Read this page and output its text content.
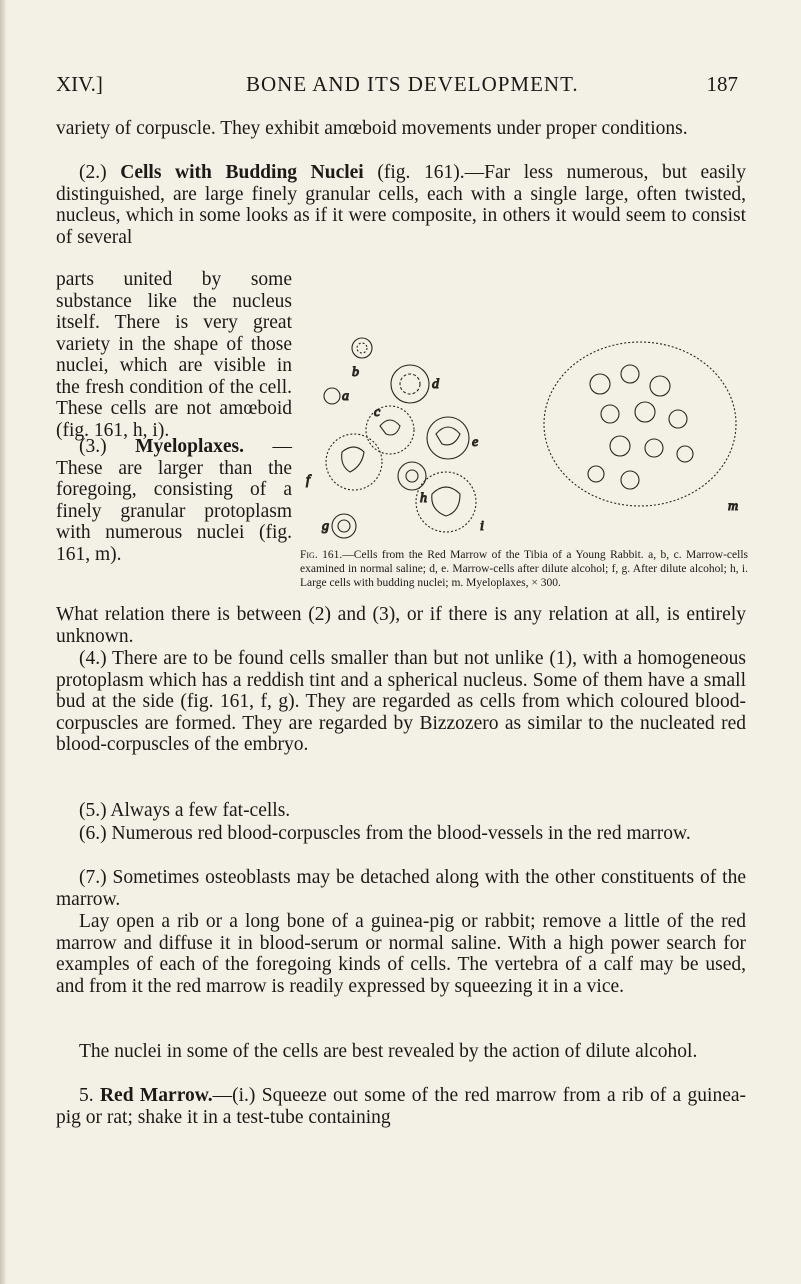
XIV.]	BONE AND ITS DEVELOPMENT.	187

variety of corpuscle. They exhibit amœboid movements under proper conditions.

(2.) Cells with Budding Nuclei (fig. 161).—Far less numerous, but easily distinguished, are large finely granular cells, each with a single large, often twisted, nucleus, which in some looks as if it were composite, in others it would seem to consist of several

parts united by some substance like the nucleus itself. There is very great variety in the shape of those nuclei, which are visible in the fresh condition of the cell. These cells are not amœboid (fig. 161, h, i).

(3.) Myeloplaxes. — These are larger than the foregoing, consisting of a finely granular protoplasm with numerous nuclei (fig. 161, m).

a
b
c
d
e
f
g
h
i
m
Fig. 161.—Cells from the Red Marrow of the Tibia of a Young Rabbit. a, b, c. Marrow-cells examined in normal saline; d, e. Marrow-cells after dilute alcohol; f, g. After dilute alcohol; h, i. Large cells with budding nuclei; m. Myeloplaxes, × 300.

What relation there is between (2) and (3), or if there is any relation at all, is entirely unknown.

(4.) There are to be found cells smaller than but not unlike (1), with a homogeneous protoplasm which has a reddish tint and a spherical nucleus. Some of them have a small bud at the side (fig. 161, f, g). They are regarded as cells from which coloured blood-corpuscles are formed. They are regarded by Bizzozero as similar to the nucleated red blood-corpuscles of the embryo.

(5.) Always a few fat-cells.

(6.) Numerous red blood-corpuscles from the blood-vessels in the red marrow.

(7.) Sometimes osteoblasts may be detached along with the other constituents of the marrow.

Lay open a rib or a long bone of a guinea-pig or rabbit; remove a little of the red marrow and diffuse it in blood-serum or normal saline. With a high power search for examples of each of the foregoing kinds of cells. The vertebra of a calf may be used, and from it the red marrow is readily expressed by squeezing it in a vice.

The nuclei in some of the cells are best revealed by the action of dilute alcohol.

5. Red Marrow.—(i.) Squeeze out some of the red marrow from a rib of a guinea-pig or rat; shake it in a test-tube containing
